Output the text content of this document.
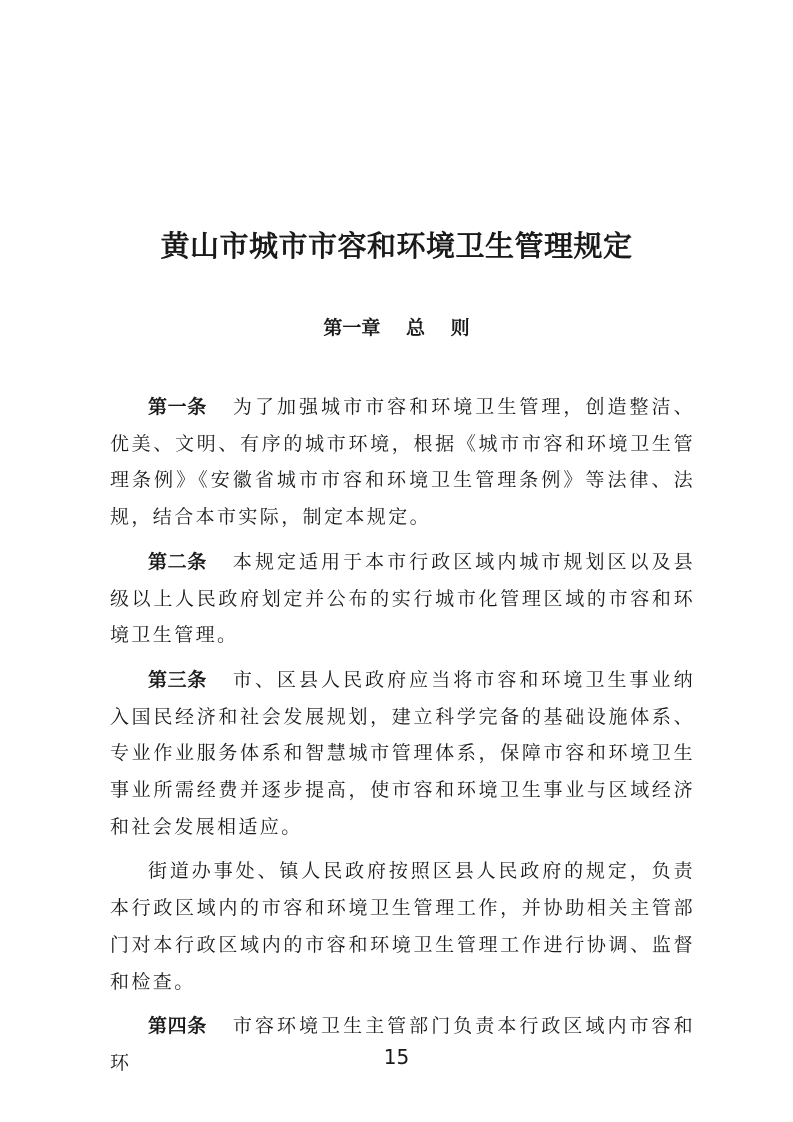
黄山市城市市容和环境卫生管理规定
第一章　 总　 则

第一条 为了加强城市市容和环境卫生管理，创造整洁、优美、文明、有序的城市环境，根据《城市市容和环境卫生管理条例》《安徽省城市市容和环境卫生管理条例》等法律、法规，结合本市实际，制定本规定。

第二条 本规定适用于本市行政区域内城市规划区以及县级以上人民政府划定并公布的实行城市化管理区域的市容和环境卫生管理。

第三条 市、区县人民政府应当将市容和环境卫生事业纳入国民经济和社会发展规划，建立科学完备的基础设施体系、专业作业服务体系和智慧城市管理体系，保障市容和环境卫生事业所需经费并逐步提高，使市容和环境卫生事业与区域经济和社会发展相适应。

街道办事处、镇人民政府按照区县人民政府的规定，负责本行政区域内的市容和环境卫生管理工作，并协助相关主管部门对本行政区域内的市容和环境卫生管理工作进行协调、监督和检查。

第四条 市容环境卫生主管部门负责本行政区域内市容和环	15
